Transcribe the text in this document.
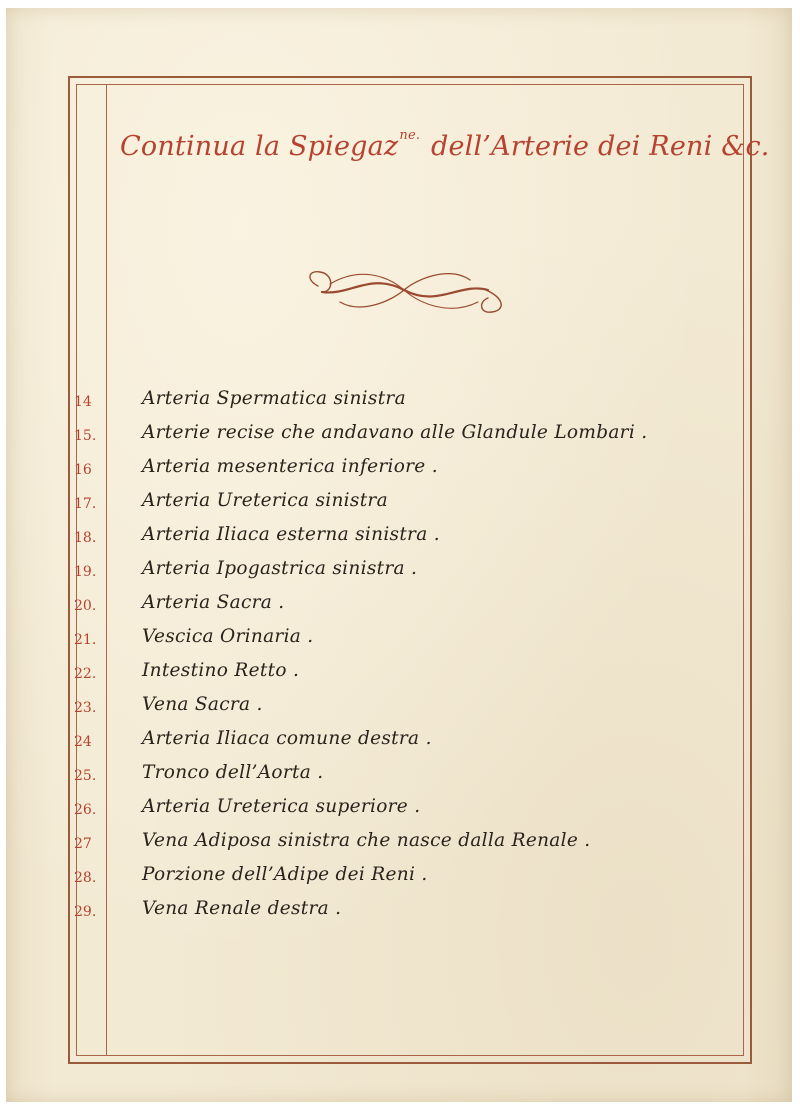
Continua la Spiegaz$^{ne.}$ dell’Arterie dei Reni &c.
14	Arteria Spermatica sinistra
15. Arterie recise che andavano alle Glandule Lombari .
16	Arteria mesenterica inferiore .
17. Arteria Ureterica sinistra
18. Arteria Iliaca esterna sinistra .
19. Arteria Ipogastrica sinistra .
20. Arteria Sacra .
21. Vescica Orinaria .
22. Intestino Retto .
23. Vena Sacra .
24	Arteria Iliaca comune destra .
25. Tronco dell’Aorta .
26. Arteria Ureterica superiore .
27	Vena Adiposa sinistra che nasce dalla Renale .
28. Porzione dell’Adipe dei Reni .
29. Vena Renale destra .
